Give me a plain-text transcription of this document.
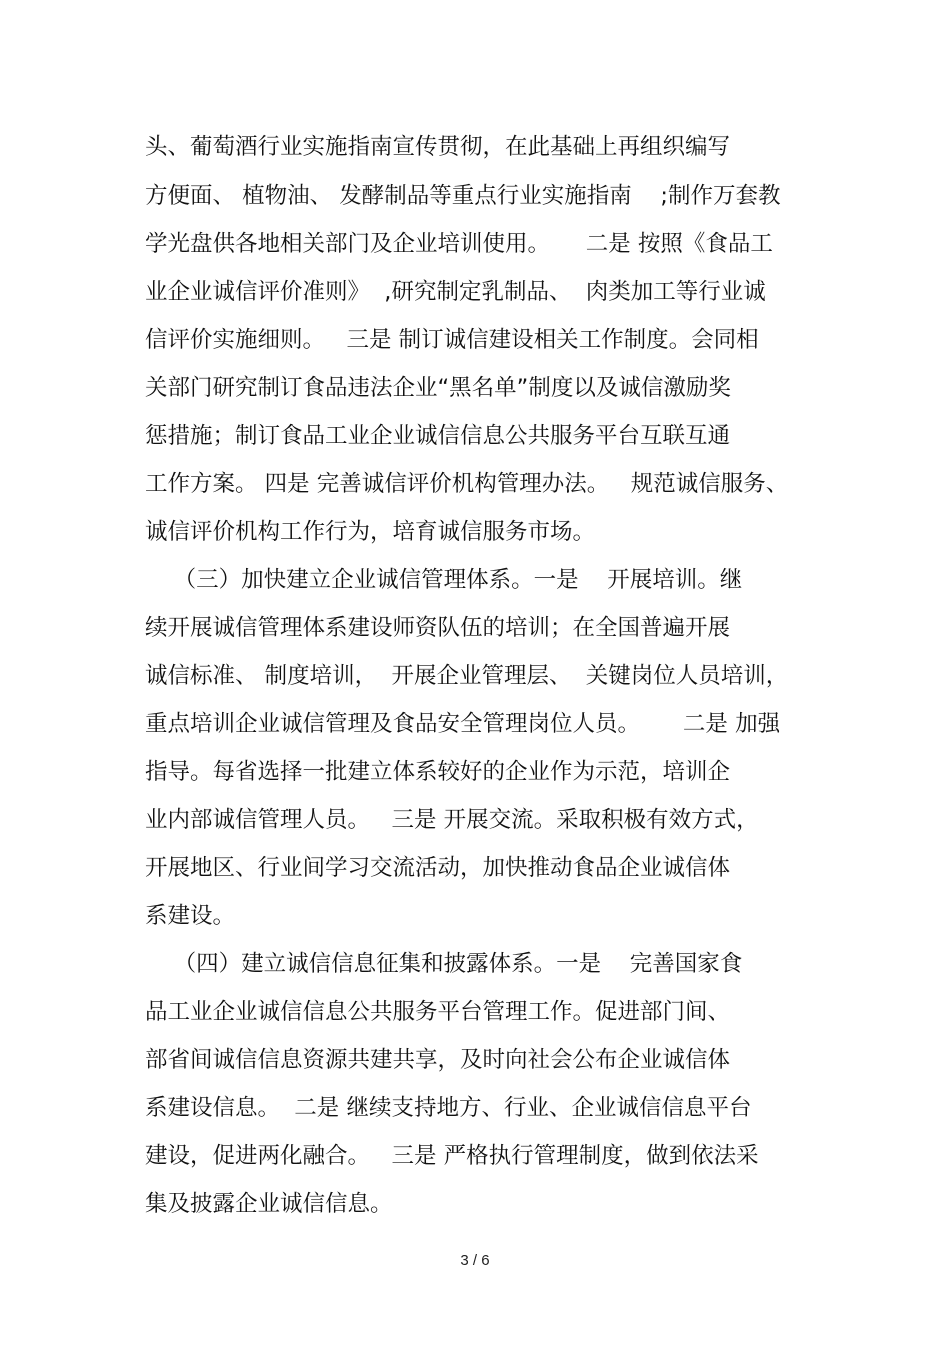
头、葡萄酒行业实施指南宣传贯彻，在此基础上再组织编写

方便面、 植物油、 发酵制品等重点行业实施指南    ;制作万套教

学光盘供各地相关部门及企业培训使用。     二是 按照《食品工

业企业诚信评价准则》  ,研究制定乳制品、  肉类加工等行业诚

信评价实施细则。   三是 制订诚信建设相关工作制度。会同相

关部门研究制订食品违法企业“黑名单”制度以及诚信激励奖

惩措施；制订食品工业企业诚信信息公共服务平台互联互通

工作方案。 四是 完善诚信评价机构管理办法。   规范诚信服务、

诚信评价机构工作行为，培育诚信服务市场。

（三）加快建立企业诚信管理体系。一是    开展培训。继

续开展诚信管理体系建设师资队伍的培训；在全国普遍开展

诚信标准、 制度培训，  开展企业管理层、  关键岗位人员培训，

重点培训企业诚信管理及食品安全管理岗位人员。      二是 加强

指导。每省选择一批建立体系较好的企业作为示范，培训企

业内部诚信管理人员。   三是 开展交流。采取积极有效方式，

开展地区、行业间学习交流活动，加快推动食品企业诚信体

系建设。

（四）建立诚信信息征集和披露体系。一是    完善国家食

品工业企业诚信信息公共服务平台管理工作。促进部门间、

部省间诚信信息资源共建共享，及时向社会公布企业诚信体

系建设信息。  二是 继续支持地方、行业、企业诚信信息平台

建设，促进两化融合。   三是 严格执行管理制度，做到依法采

集及披露企业诚信信息。

3 / 6
